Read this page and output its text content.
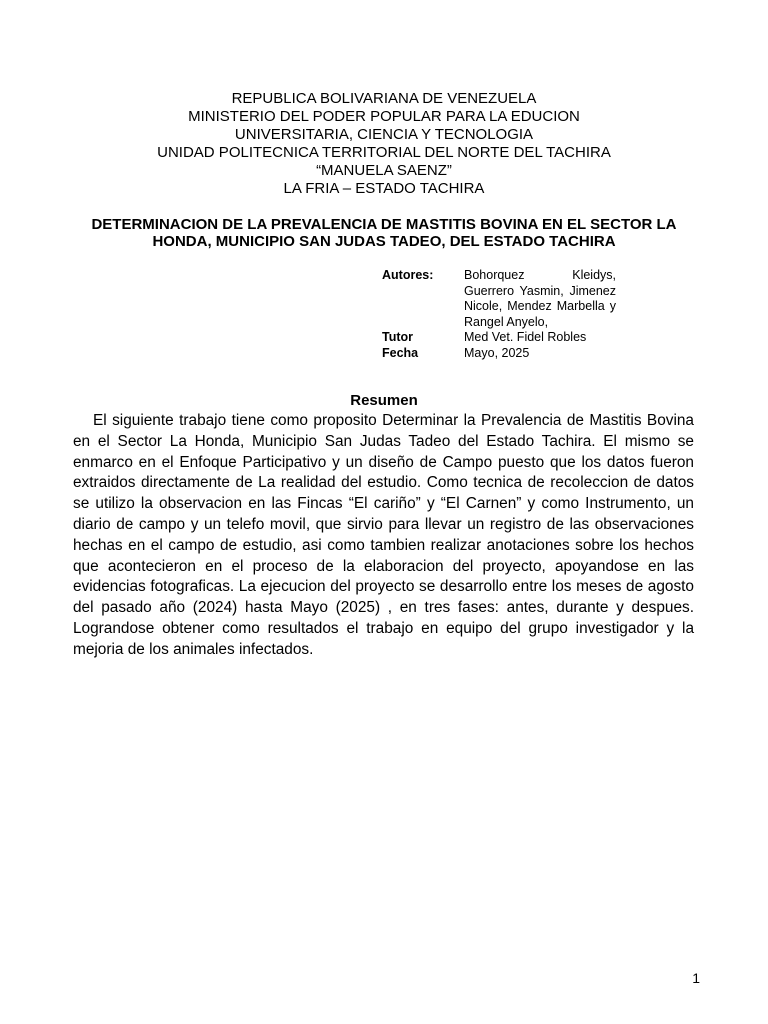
REPUBLICA BOLIVARIANA DE VENEZUELA
MINISTERIO DEL PODER POPULAR PARA LA EDUCION
UNIVERSITARIA, CIENCIA Y TECNOLOGIA
UNIDAD POLITECNICA TERRITORIAL DEL NORTE DEL TACHIRA
“MANUELA SAENZ”
LA FRIA – ESTADO TACHIRA
DETERMINACION DE LA PREVALENCIA DE MASTITIS BOVINA EN EL SECTOR LA HONDA, MUNICIPIO SAN JUDAS TADEO, DEL ESTADO TACHIRA
Autores:	Bohorquez Kleidys, Guerrero Yasmin, Jimenez Nicole, Mendez Marbella y Rangel Anyelo,
Tutor	Med Vet. Fidel Robles
Fecha	Mayo, 2025
Resumen
El siguiente trabajo tiene como proposito Determinar la Prevalencia de Mastitis Bovina en el Sector La Honda, Municipio San Judas Tadeo del Estado Tachira. El mismo se enmarco en el Enfoque Participativo y un diseño de Campo puesto que los datos fueron extraidos directamente de La realidad del estudio. Como tecnica de recoleccion de datos se utilizo la observacion en las Fincas “El cariño” y “El Carnen” y como Instrumento, un diario de campo y un telefo movil, que sirvio para llevar un registro de las observaciones hechas en el campo de estudio, asi como tambien realizar anotaciones sobre los hechos que acontecieron en el proceso de la elaboracion del proyecto, apoyandose en las evidencias fotograficas. La ejecucion del proyecto se desarrollo entre los meses de agosto del pasado año (2024) hasta Mayo (2025) , en tres fases: antes, durante y despues. Lograndose obtener como resultados el trabajo en equipo del grupo investigador y la mejoria de los animales infectados.
1
